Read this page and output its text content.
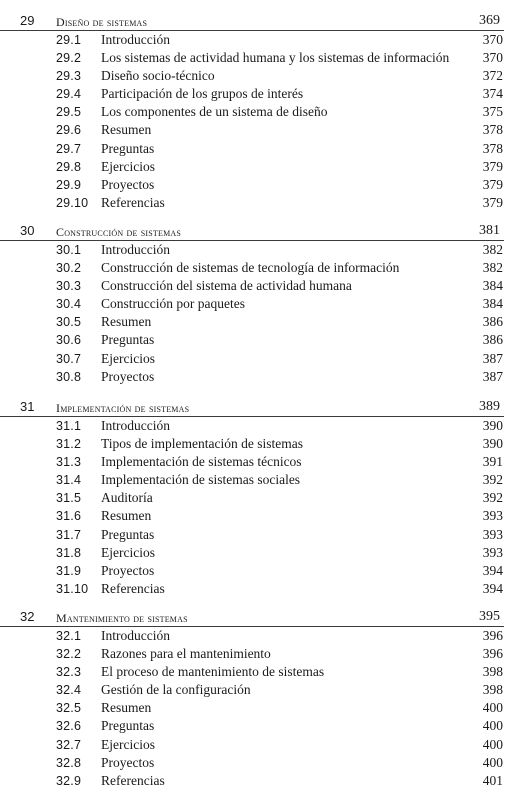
29 Diseño de sistemas	369
29.1 Introducción	370
29.2 Los sistemas de actividad humana y los sistemas de información 370
29.3 Diseño socio-técnico	372
29.4 Participación de los grupos de interés	374
29.5 Los componentes de un sistema de diseño	375
29.6 Resumen	378
29.7 Preguntas	378
29.8 Ejercicios	379
29.9 Proyectos	379
29.10 Referencias	379
30 Construcción de sistemas	381
30.1 Introducción	382
30.2 Construcción de sistemas de tecnología de información	382
30.3 Construcción del sistema de actividad humana	384
30.4 Construcción por paquetes	384
30.5 Resumen	386
30.6 Preguntas	386
30.7 Ejercicios	387
30.8 Proyectos	387
31 Implementación de sistemas	389
31.1 Introducción	390
31.2 Tipos de implementación de sistemas	390
31.3 Implementación de sistemas técnicos	391
31.4 Implementación de sistemas sociales	392
31.5 Auditoría	392
31.6 Resumen	393
31.7 Preguntas	393
31.8 Ejercicios	393
31.9 Proyectos	394
31.10 Referencias	394
32 Mantenimiento de sistemas	395
32.1 Introducción	396
32.2 Razones para el mantenimiento	396
32.3 El proceso de mantenimiento de sistemas	398
32.4 Gestión de la configuración	398
32.5 Resumen	400
32.6 Preguntas	400
32.7 Ejercicios	400
32.8 Proyectos	400
32.9 Referencias	401
